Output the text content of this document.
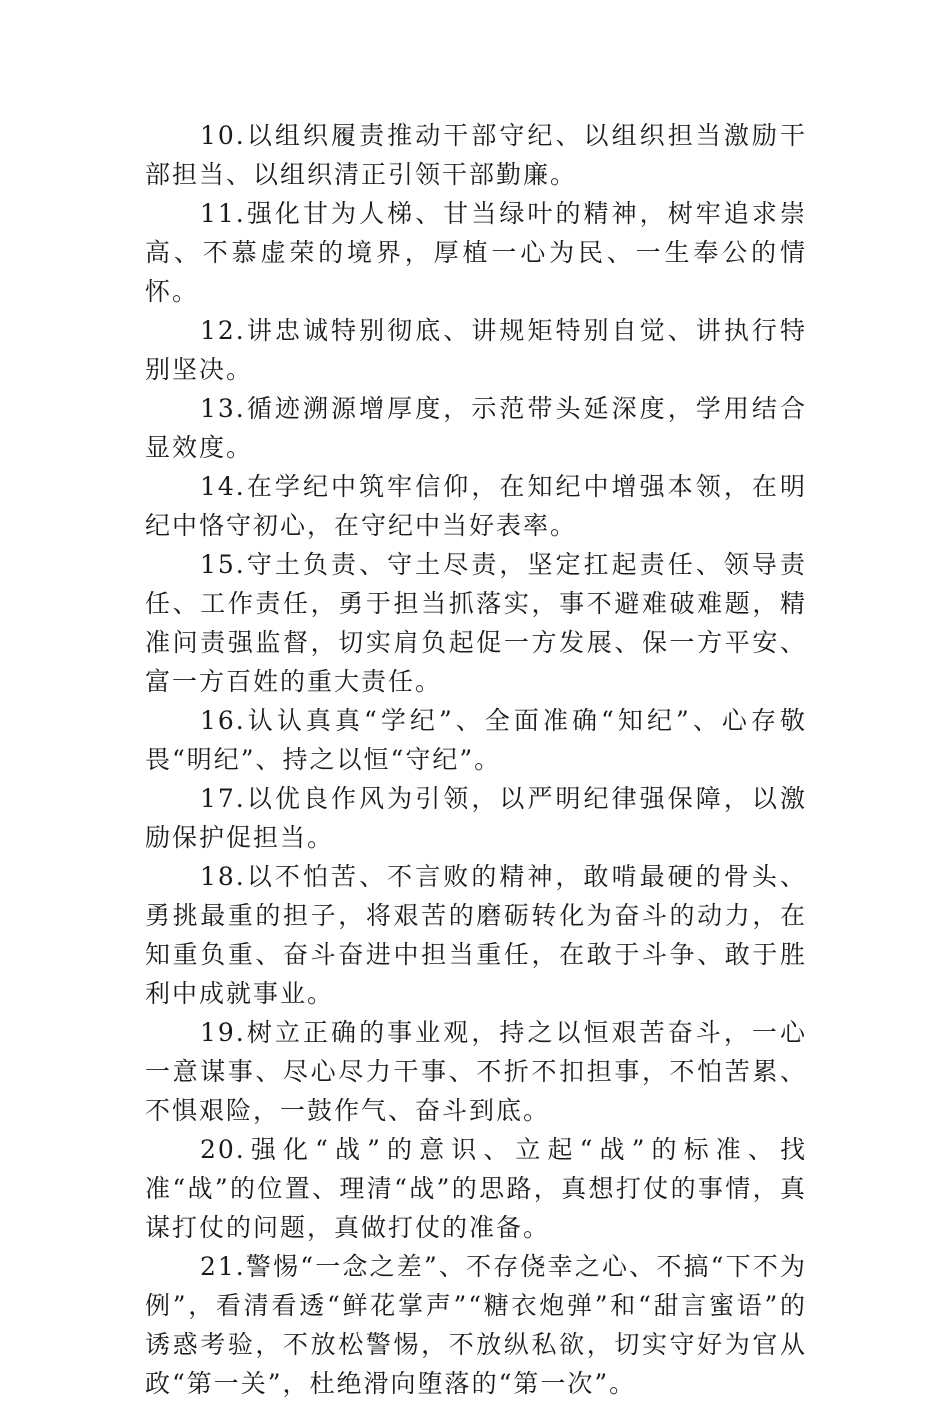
10.以组织履责推动干部守纪、以组织担当激励干部担当、以组织清正引领干部勤廉。

11.强化甘为人梯、甘当绿叶的精神，树牢追求崇高、不慕虚荣的境界，厚植一心为民、一生奉公的情怀。

12.讲忠诚特别彻底、讲规矩特别自觉、讲执行特别坚决。

13.循迹溯源增厚度，示范带头延深度，学用结合显效度。

14.在学纪中筑牢信仰，在知纪中增强本领，在明纪中恪守初心，在守纪中当好表率。

15.守土负责、守土尽责，坚定扛起责任、领导责任、工作责任，勇于担当抓落实，事不避难破难题，精准问责强监督，切实肩负起促一方发展、保一方平安、富一方百姓的重大责任。

16.认认真真“学纪”、全面准确“知纪”、心存敬畏“明纪”、持之以恒“守纪”。

17.以优良作风为引领，以严明纪律强保障，以激励保护促担当。

18.以不怕苦、不言败的精神，敢啃最硬的骨头、勇挑最重的担子，将艰苦的磨砺转化为奋斗的动力，在知重负重、奋斗奋进中担当重任，在敢于斗争、敢于胜利中成就事业。

19.树立正确的事业观，持之以恒艰苦奋斗，一心一意谋事、尽心尽力干事、不折不扣担事，不怕苦累、不惧艰险，一鼓作气、奋斗到底。

20.强化“战”的意识、立起“战”的标准、找准“战”的位置、理清“战”的思路，真想打仗的事情，真谋打仗的问题，真做打仗的准备。

21.警惕“一念之差”、不存侥幸之心、不搞“下不为例”，看清看透“鲜花掌声”“糖衣炮弹”和“甜言蜜语”的诱惑考验，不放松警惕，不放纵私欲，切实守好为官从政“第一关”，杜绝滑向堕落的“第一次”。
